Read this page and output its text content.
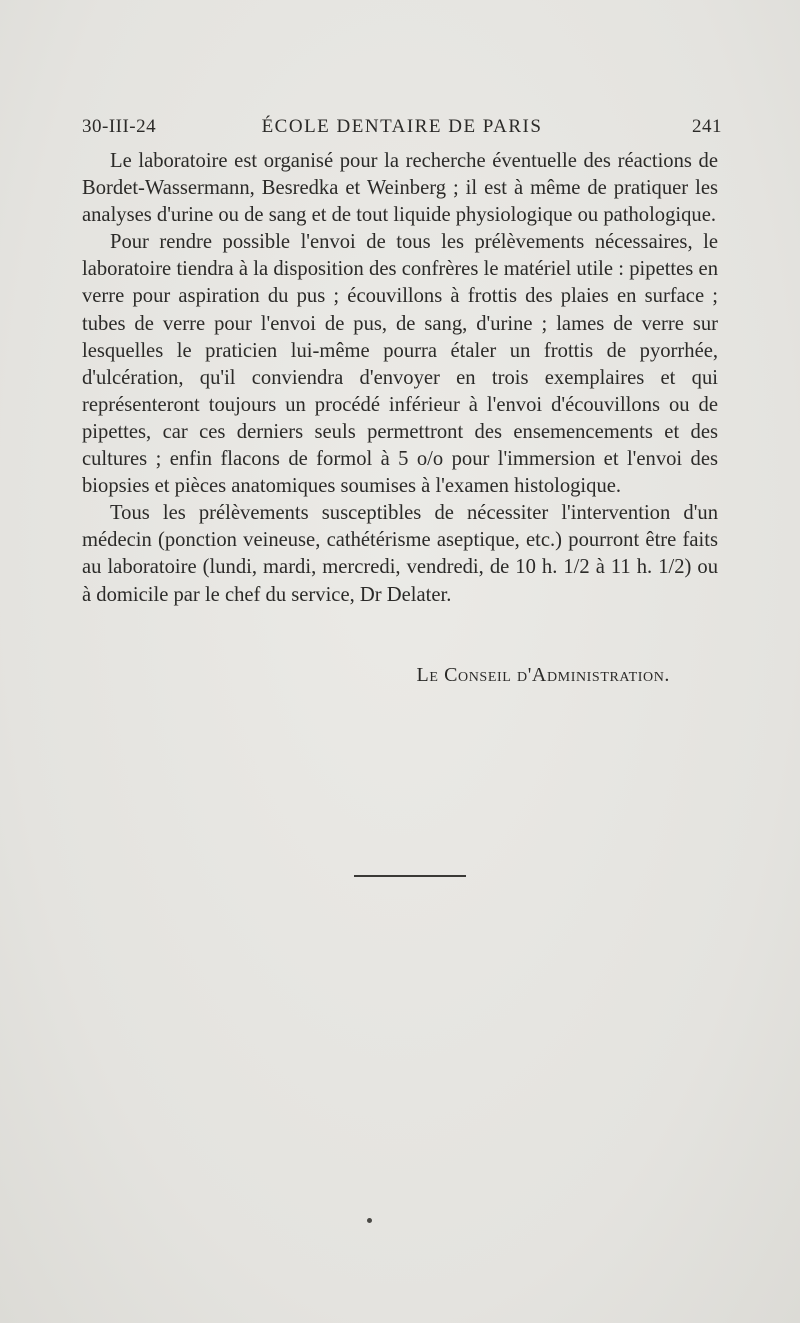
30-III-24	ÉCOLE DENTAIRE DE PARIS	241

Le laboratoire est organisé pour la recherche éventuelle des réactions de Bordet-Wassermann, Besredka et Weinberg ; il est à même de pratiquer les analyses d'urine ou de sang et de tout liquide physiologique ou pathologique.

Pour rendre possible l'envoi de tous les prélèvements nécessaires, le laboratoire tiendra à la disposition des confrères le matériel utile : pipettes en verre pour aspiration du pus ; écouvillons à frottis des plaies en surface ; tubes de verre pour l'envoi de pus, de sang, d'urine ; lames de verre sur lesquelles le praticien lui-même pourra étaler un frottis de pyorrhée, d'ulcération, qu'il conviendra d'envoyer en trois exemplaires et qui représenteront toujours un procédé inférieur à l'envoi d'écouvillons ou de pipettes, car ces derniers seuls permettront des ensemencements et des cultures ; enfin flacons de formol à 5 o/o pour l'immersion et l'envoi des biopsies et pièces anatomiques soumises à l'examen histologique.

Tous les prélèvements susceptibles de nécessiter l'intervention d'un médecin (ponction veineuse, cathétérisme aseptique, etc.) pourront être faits au laboratoire (lundi, mardi, mercredi, vendredi, de 10 h. 1/2 à 11 h. 1/2) ou à domicile par le chef du service, Dr Delater.

Le Conseil d'Administration.
